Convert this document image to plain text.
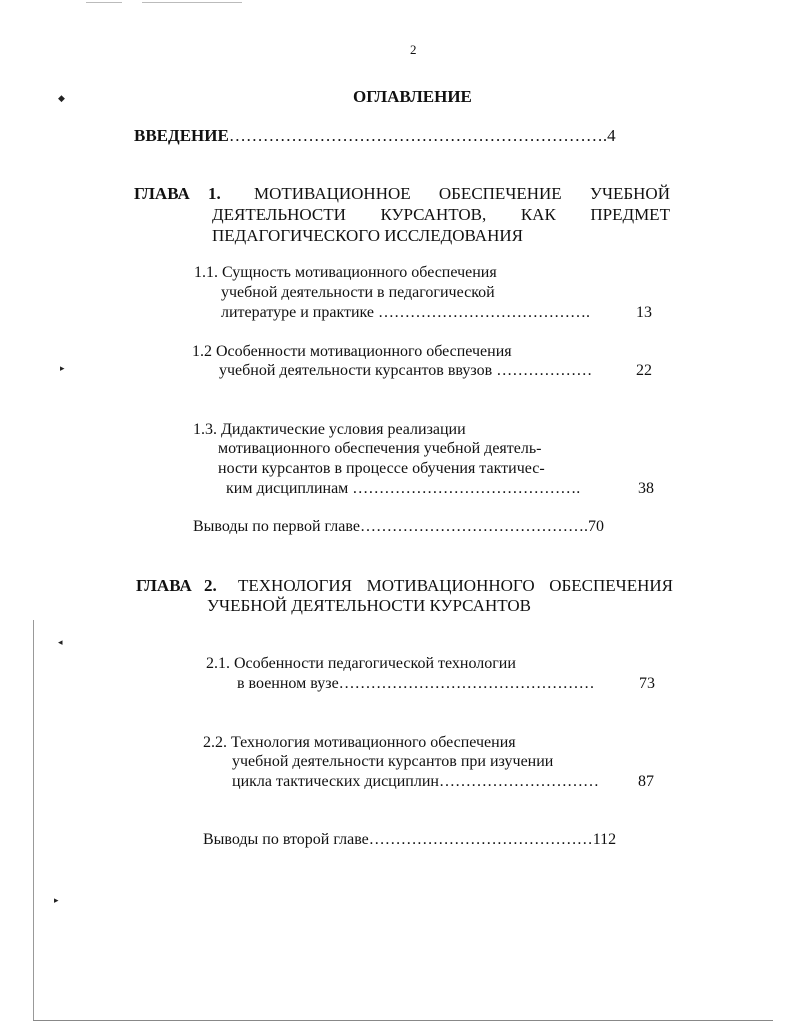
◆
▸
◂
▸
2
ОГЛАВЛЕНИЕ
ВВЕДЕНИЕ………………………………………………………….4
ГЛАВА 1. МОТИВАЦИОННОЕ ОБЕСПЕЧЕНИЕ УЧЕБНОЙ
ДЕЯТЕЛЬНОСТИ КУРСАНТОВ, КАК ПРЕДМЕТ
ПЕДАГОГИЧЕСКОГО ИССЛЕДОВАНИЯ
1.1. Сущность мотивационного обеспечения
учебной деятельности в педагогической
литературе и практике ………………………………….	13
1.2 Особенности мотивационного обеспечения
учебной деятельности курсантов ввузов ………………	22
1.3. Дидактические условия реализации
мотивационного обеспечения учебной деятель-
ности курсантов в процессе обучения тактичес-
ким дисциплинам …………………………………….	38
Выводы по первой главе…………………………………….70
ГЛАВА 2. ТЕХНОЛОГИЯ МОТИВАЦИОННОГО ОБЕСПЕЧЕНИЯ
УЧЕБНОЙ ДЕЯТЕЛЬНОСТИ КУРСАНТОВ
2.1. Особенности педагогической технологии
в военном вузе…………………………………………	73
2.2. Технология мотивационного обеспечения
учебной деятельности курсантов при изучении
цикла тактических дисциплин………………………… 87
Выводы по второй главе……………………………………112
